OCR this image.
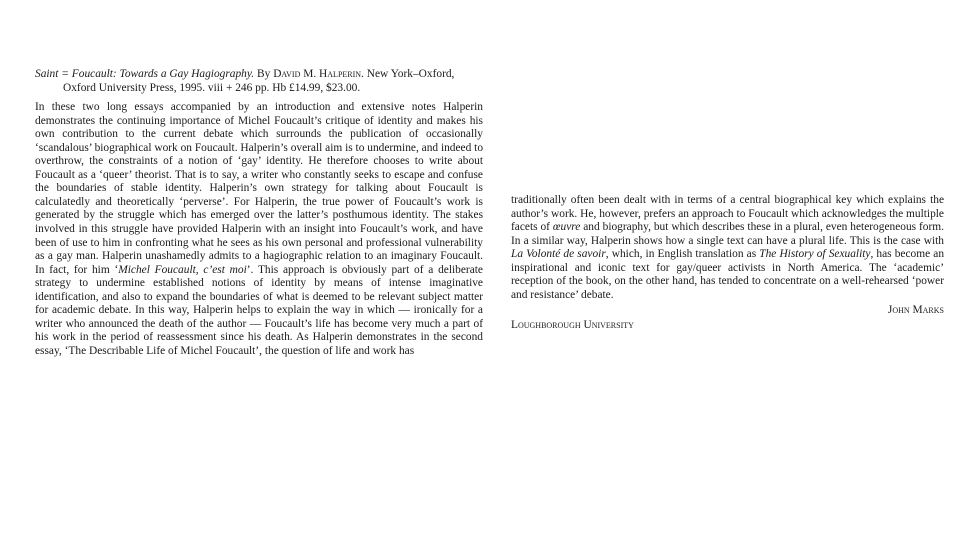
Saint = Foucault: Towards a Gay Hagiography. By David M. Halperin. New York–Oxford, Oxford University Press, 1995. viii + 246 pp. Hb £14.99, $23.00.

In these two long essays accompanied by an introduction and extensive notes Halperin demonstrates the continuing importance of Michel Foucault’s critique of identity and makes his own contribution to the current debate which surrounds the publication of occasionally ‘scandalous’ biographical work on Foucault. Halperin’s overall aim is to undermine, and indeed to overthrow, the constraints of a notion of ‘gay’ identity. He therefore chooses to write about Foucault as a ‘queer’ theorist. That is to say, a writer who constantly seeks to escape and confuse the boundaries of stable identity. Halperin’s own strategy for talking about Foucault is calculatedly and theoretically ‘perverse’. For Halperin, the true power of Foucault’s work is generated by the struggle which has emerged over the latter’s posthumous identity. The stakes involved in this struggle have provided Halperin with an insight into Foucault’s work, and have been of use to him in confronting what he sees as his own personal and professional vulnerability as a gay man. Halperin unashamedly admits to a hagiographic relation to an imaginary Foucault. In fact, for him ‘Michel Foucault, c’est moi’. This approach is obviously part of a deliberate strategy to undermine established notions of identity by means of intense imaginative identification, and also to expand the boundaries of what is deemed to be relevant subject matter for academic debate. In this way, Halperin helps to explain the way in which — ironically for a writer who announced the death of the author — Foucault’s life has become very much a part of his work in the period of reassessment since his death. As Halperin demonstrates in the second essay, ‘The Describable Life of Michel Foucault’, the question of life and work has

traditionally often been dealt with in terms of a central biographical key which explains the author’s work. He, however, prefers an approach to Foucault which acknowledges the multiple facets of œuvre and biography, but which describes these in a plural, even heterogeneous form. In a similar way, Halperin shows how a single text can have a plural life. This is the case with La Volonté de savoir, which, in English translation as The History of Sexuality, has become an inspirational and iconic text for gay/queer activists in North America. The ‘academic’ reception of the book, on the other hand, has tended to concentrate on a well-rehearsed ‘power and resistance’ debate.

John Marks
Loughborough University
